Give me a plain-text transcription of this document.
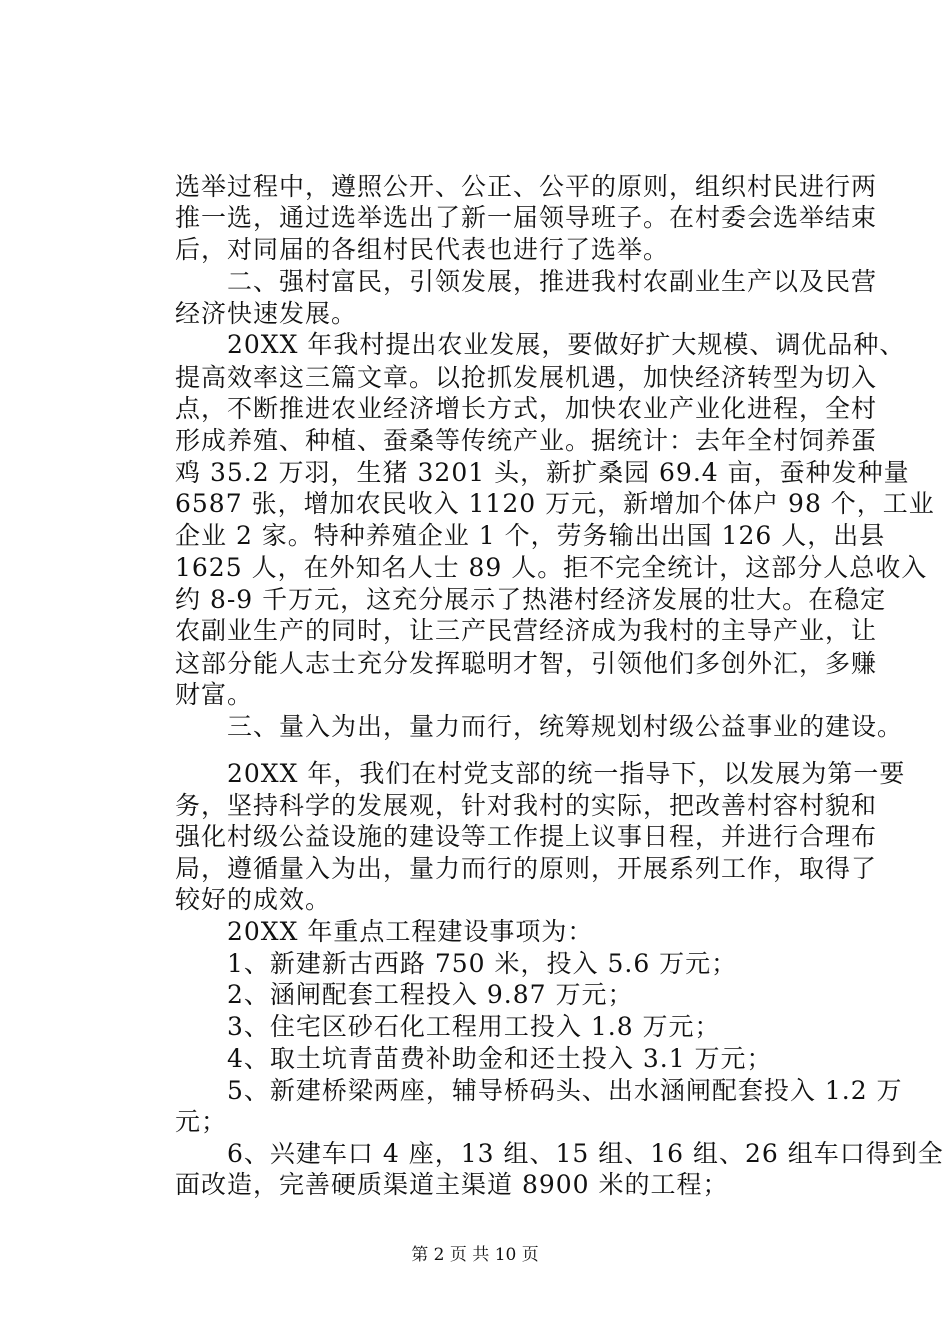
选举过程中，遵照公开、公正、公平的原则，组织村民进行两
推一选，通过选举选出了新一届领导班子。在村委会选举结束
后，对同届的各组村民代表也进行了选举。
　　二、强村富民，引领发展，推进我村农副业生产以及民营
经济快速发展。
　　20XX 年我村提出农业发展，要做好扩大规模、调优品种、
提高效率这三篇文章。以抢抓发展机遇，加快经济转型为切入
点，不断推进农业经济增长方式，加快农业产业化进程，全村
形成养殖、种植、蚕桑等传统产业。据统计：去年全村饲养蛋
鸡 35.2 万羽，生猪 3201 头，新扩桑园 69.4 亩，蚕种发种量
6587 张，增加农民收入 1120 万元，新增加个体户 98 个，工业
企业 2 家。特种养殖企业 1 个，劳务输出出国 126 人，出县
1625 人，在外知名人士 89 人。拒不完全统计，这部分人总收入
约 8-9 千万元，这充分展示了热港村经济发展的壮大。在稳定
农副业生产的同时，让三产民营经济成为我村的主导产业，让
这部分能人志士充分发挥聪明才智，引领他们多创外汇，多赚
财富。
　　三、量入为出，量力而行，统筹规划村级公益事业的建设。
　　20XX 年，我们在村党支部的统一指导下，以发展为第一要
务，坚持科学的发展观，针对我村的实际，把改善村容村貌和
强化村级公益设施的建设等工作提上议事日程，并进行合理布
局，遵循量入为出，量力而行的原则，开展系列工作，取得了
较好的成效。
　　20XX 年重点工程建设事项为：
　　1、新建新古西路 750 米，投入 5.6 万元；
　　2、涵闸配套工程投入 9.87 万元；
　　3、住宅区砂石化工程用工投入 1.8 万元；
　　4、取土坑青苗费补助金和还土投入 3.1 万元；
　　5、新建桥梁两座，辅导桥码头、出水涵闸配套投入 1.2 万
元；
　　6、兴建车口 4 座，13 组、15 组、16 组、26 组车口得到全
面改造，完善硬质渠道主渠道 8900 米的工程；
第 2 页 共 10 页
